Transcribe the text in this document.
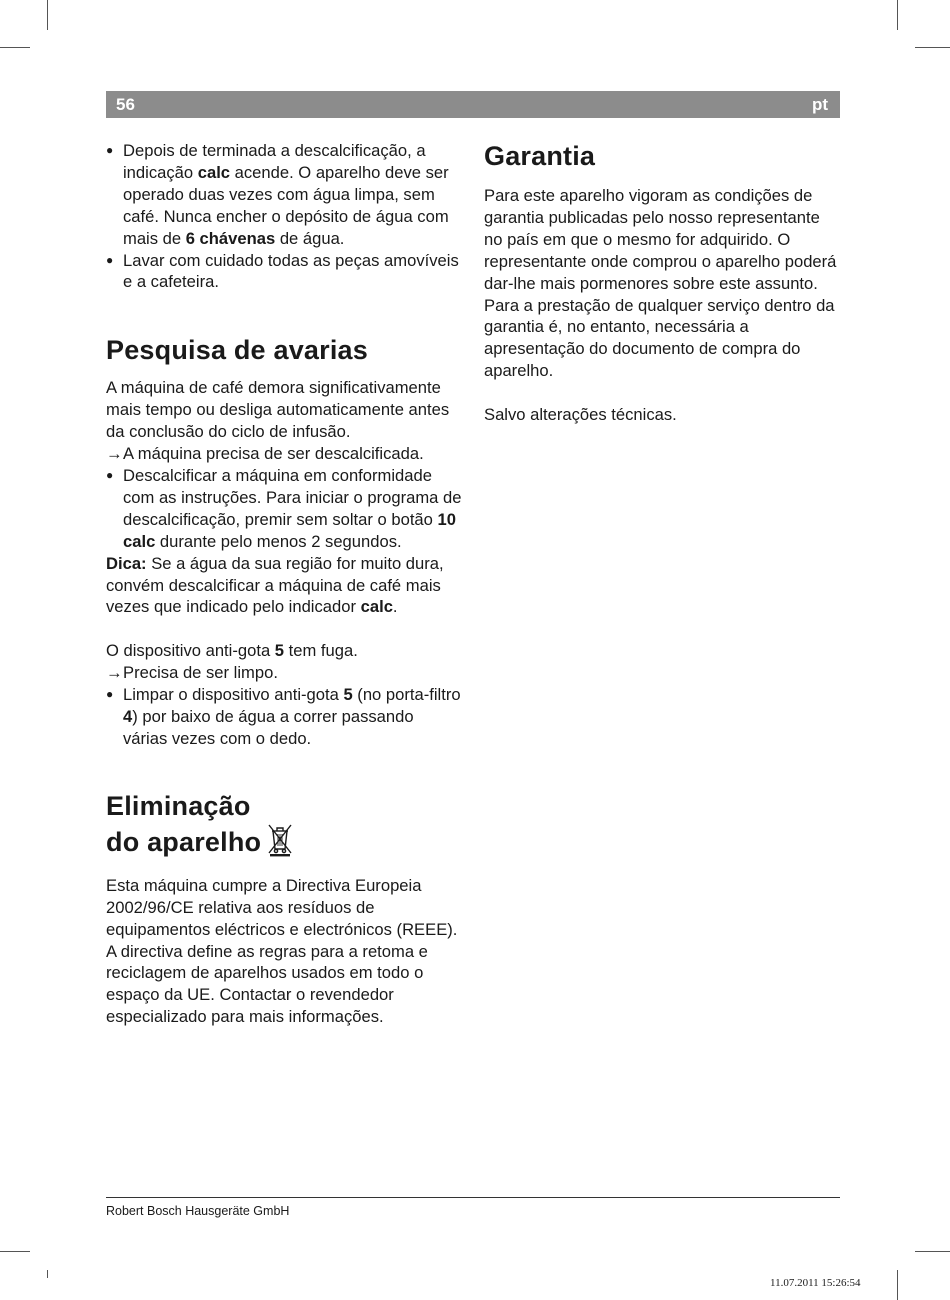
56	pt
● Depois de terminada a descalcificação, a indicação calc acende. O aparelho deve ser operado duas vezes com água limpa, sem café. Nunca encher o depósito de água com mais de 6 chávenas de água.
● Lavar com cuidado todas as peças amovíveis e a cafeteira.
Pesquisa de avarias

A máquina de café demora significativamente mais tempo ou desliga automaticamente antes da conclusão do ciclo de infusão.

→ A máquina precisa de ser descalcificada.
● Descalcificar a máquina em conformidade com as instruções. Para iniciar o programa de descalcificação, premir sem soltar o botão 10 calc durante pelo menos 2 segundos.

Dica: Se a água da sua região for muito dura, convém descalcificar a máquina de café mais vezes que indicado pelo indicador calc.

O dispositivo anti-gota 5 tem fuga.

→ Precisa de ser limpo.
● Limpar o dispositivo anti-gota 5 (no porta-filtro 4) por baixo de água a correr passando várias vezes com o dedo.
Eliminação
do aparelho

Esta máquina cumpre a Directiva Europeia 2002/96/CE relativa aos resíduos de equipamentos eléctricos e electrónicos (REEE). A directiva define as regras para a retoma e reciclagem de aparelhos usados em todo o espaço da UE. Contactar o revendedor especializado para mais informações.

Garantia

Para este aparelho vigoram as condições de garantia publicadas pelo nosso representante no país em que o mesmo for adquirido. O representante onde comprou o aparelho poderá dar-lhe mais pormenores sobre este assunto. Para a prestação de qualquer serviço dentro da garantia é, no entanto, necessária a apresentação do documento de compra do aparelho.

Salvo alterações técnicas.

Robert Bosch Hausgeräte GmbH
11.07.2011 15:26:54
